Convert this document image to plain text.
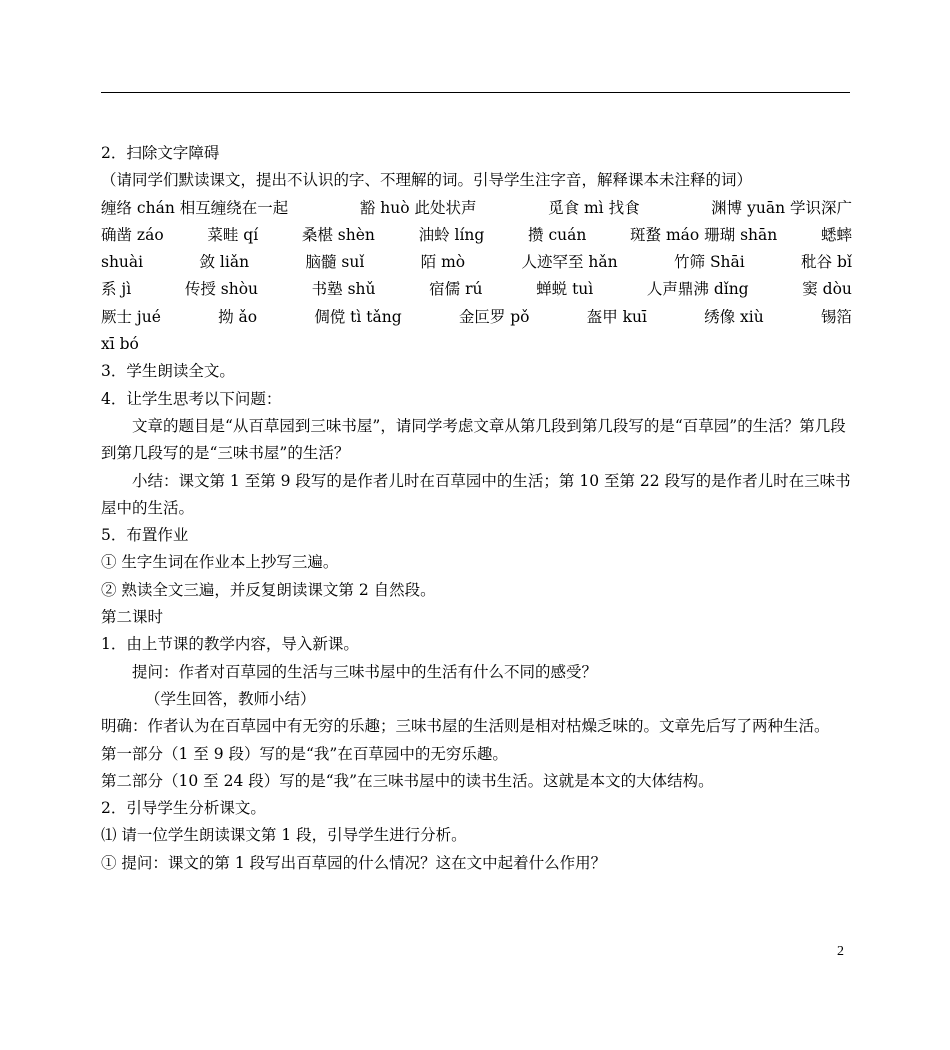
2．扫除文字障碍
（请同学们默读课文，提出不认识的字、不理解的词。引导学生注字音，解释课本未注释的词）
缠络 chán 相互缠绕在一起	豁 huò 此处状声	觅食 mì 找食	渊博 yuān 学识深广
确凿 záo	菜畦 qí	桑椹 shèn	油蛉 líng	攒 cuán	斑蝥 máo 珊瑚 shān	蟋蟀
shuài	敛 liǎn	脑髓 suǐ	陌 mò	人迹罕至 hǎn	竹筛 Shāi	秕谷 bǐ
系 jì	传授 shòu	书塾 shǔ	宿儒 rú	蝉蜕 tuì	人声鼎沸 dǐng	窦 dòu
厥士 jué	拗 ǎo	倜傥 tì tǎng	金叵罗 pǒ	盔甲 kuī	绣像 xiù	锡箔
xī bó
3．学生朗读全文。
4．让学生思考以下问题：
文章的题目是“从百草园到三味书屋”，请同学考虑文章从第几段到第几段写的是“百草园”的生活？第几段到第几段写的是“三味书屋”的生活？
小结：课文第 1 至第 9 段写的是作者儿时在百草园中的生活；第 10 至第 22 段写的是作者儿时在三味书屋中的生活。
5．布置作业
① 生字生词在作业本上抄写三遍。
② 熟读全文三遍，并反复朗读课文第 2 自然段。
第二课时
1．由上节课的教学内容，导入新课。
提问：作者对百草园的生活与三味书屋中的生活有什么不同的感受？
（学生回答，教师小结）
明确：作者认为在百草园中有无穷的乐趣；三味书屋的生活则是相对枯燥乏味的。文章先后写了两种生活。
第一部分（1 至 9 段）写的是“我”在百草园中的无穷乐趣。
第二部分（10 至 24 段）写的是“我”在三味书屋中的读书生活。这就是本文的大体结构。
2．引导学生分析课文。
⑴ 请一位学生朗读课文第 1 段，引导学生进行分析。
① 提问：课文的第 1 段写出百草园的什么情况？这在文中起着什么作用？
2
